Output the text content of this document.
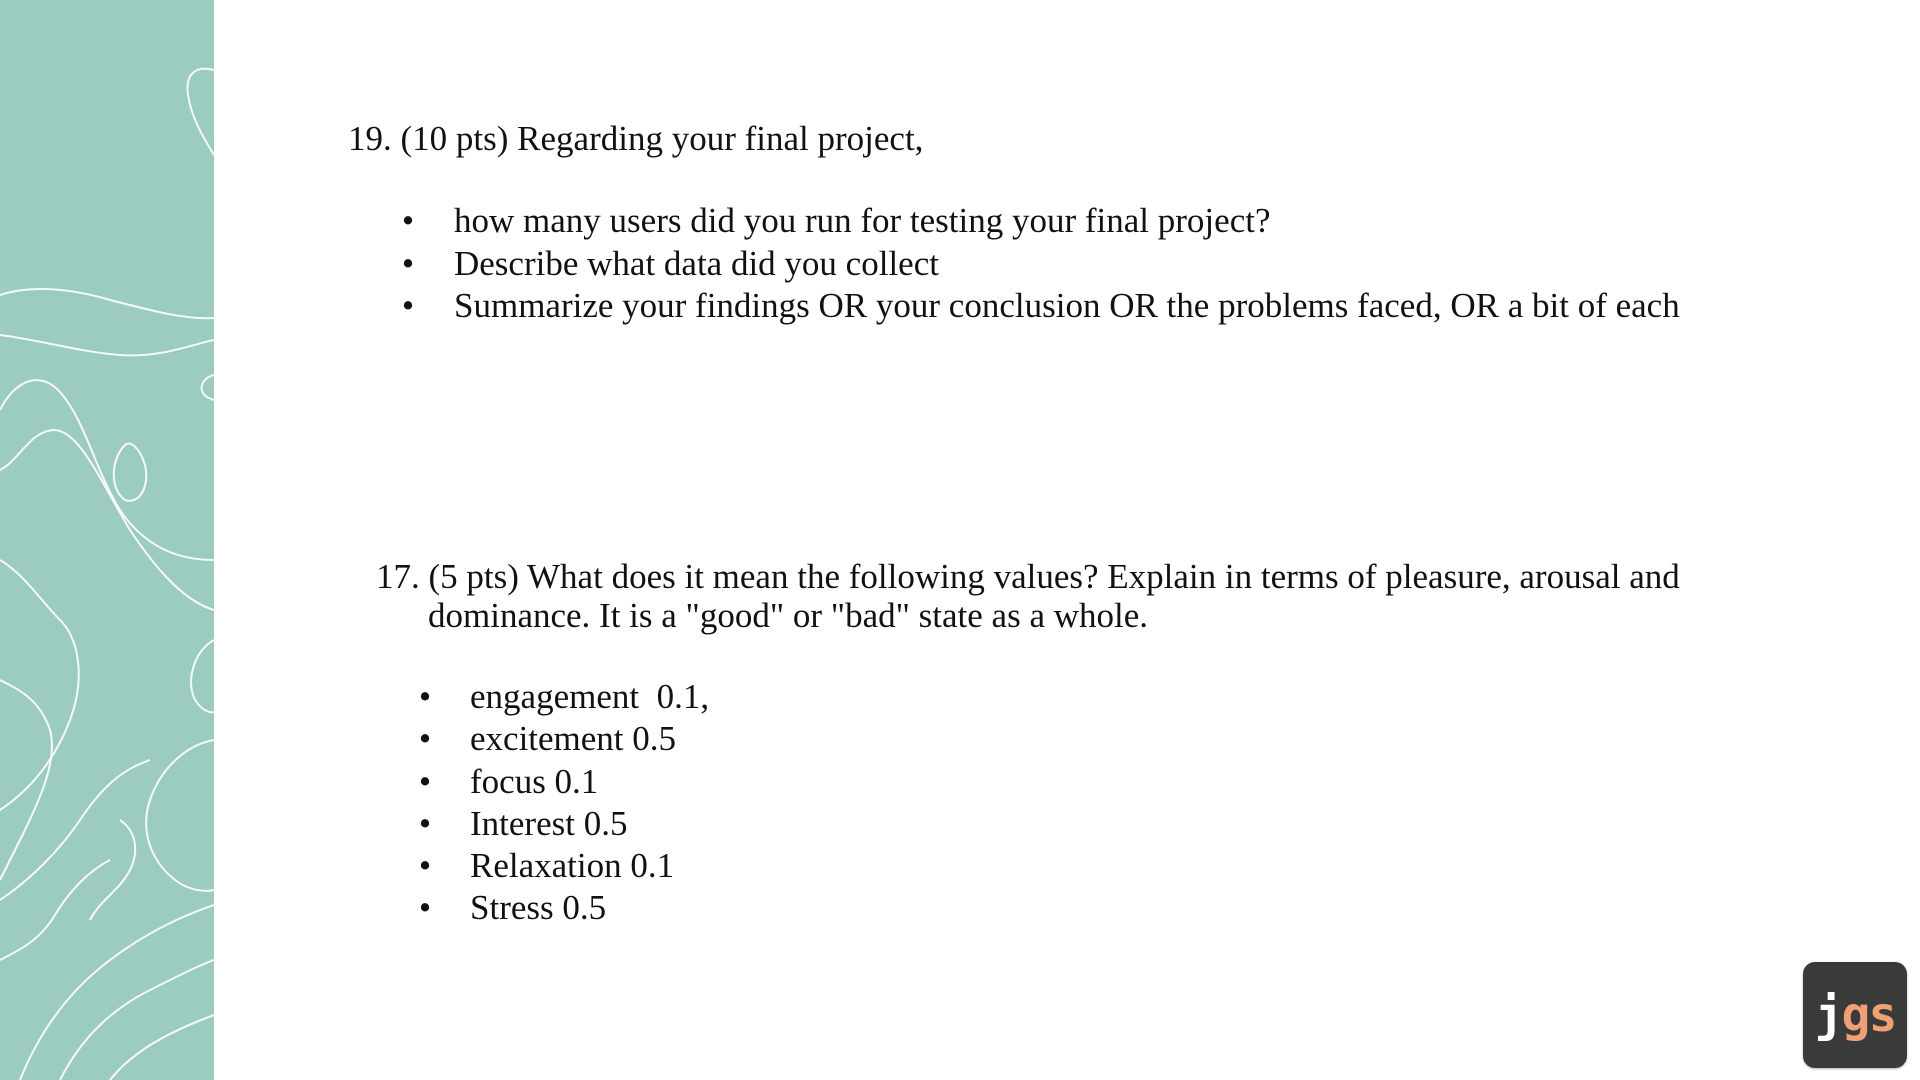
19. (10 pts) Regarding your final project,

• how many users did you run for testing your final project?
• Describe what data did you collect
• Summarize your findings OR your conclusion OR the problems faced, OR a bit of each

17. (5 pts) What does it mean the following values? Explain in terms of pleasure, arousal and
dominance. It is a "good" or "bad" state as a whole.

• engagement  0.1,
• excitement 0.5
• focus 0.1
• Interest 0.5
• Relaxation 0.1
• Stress 0.5
j gs
